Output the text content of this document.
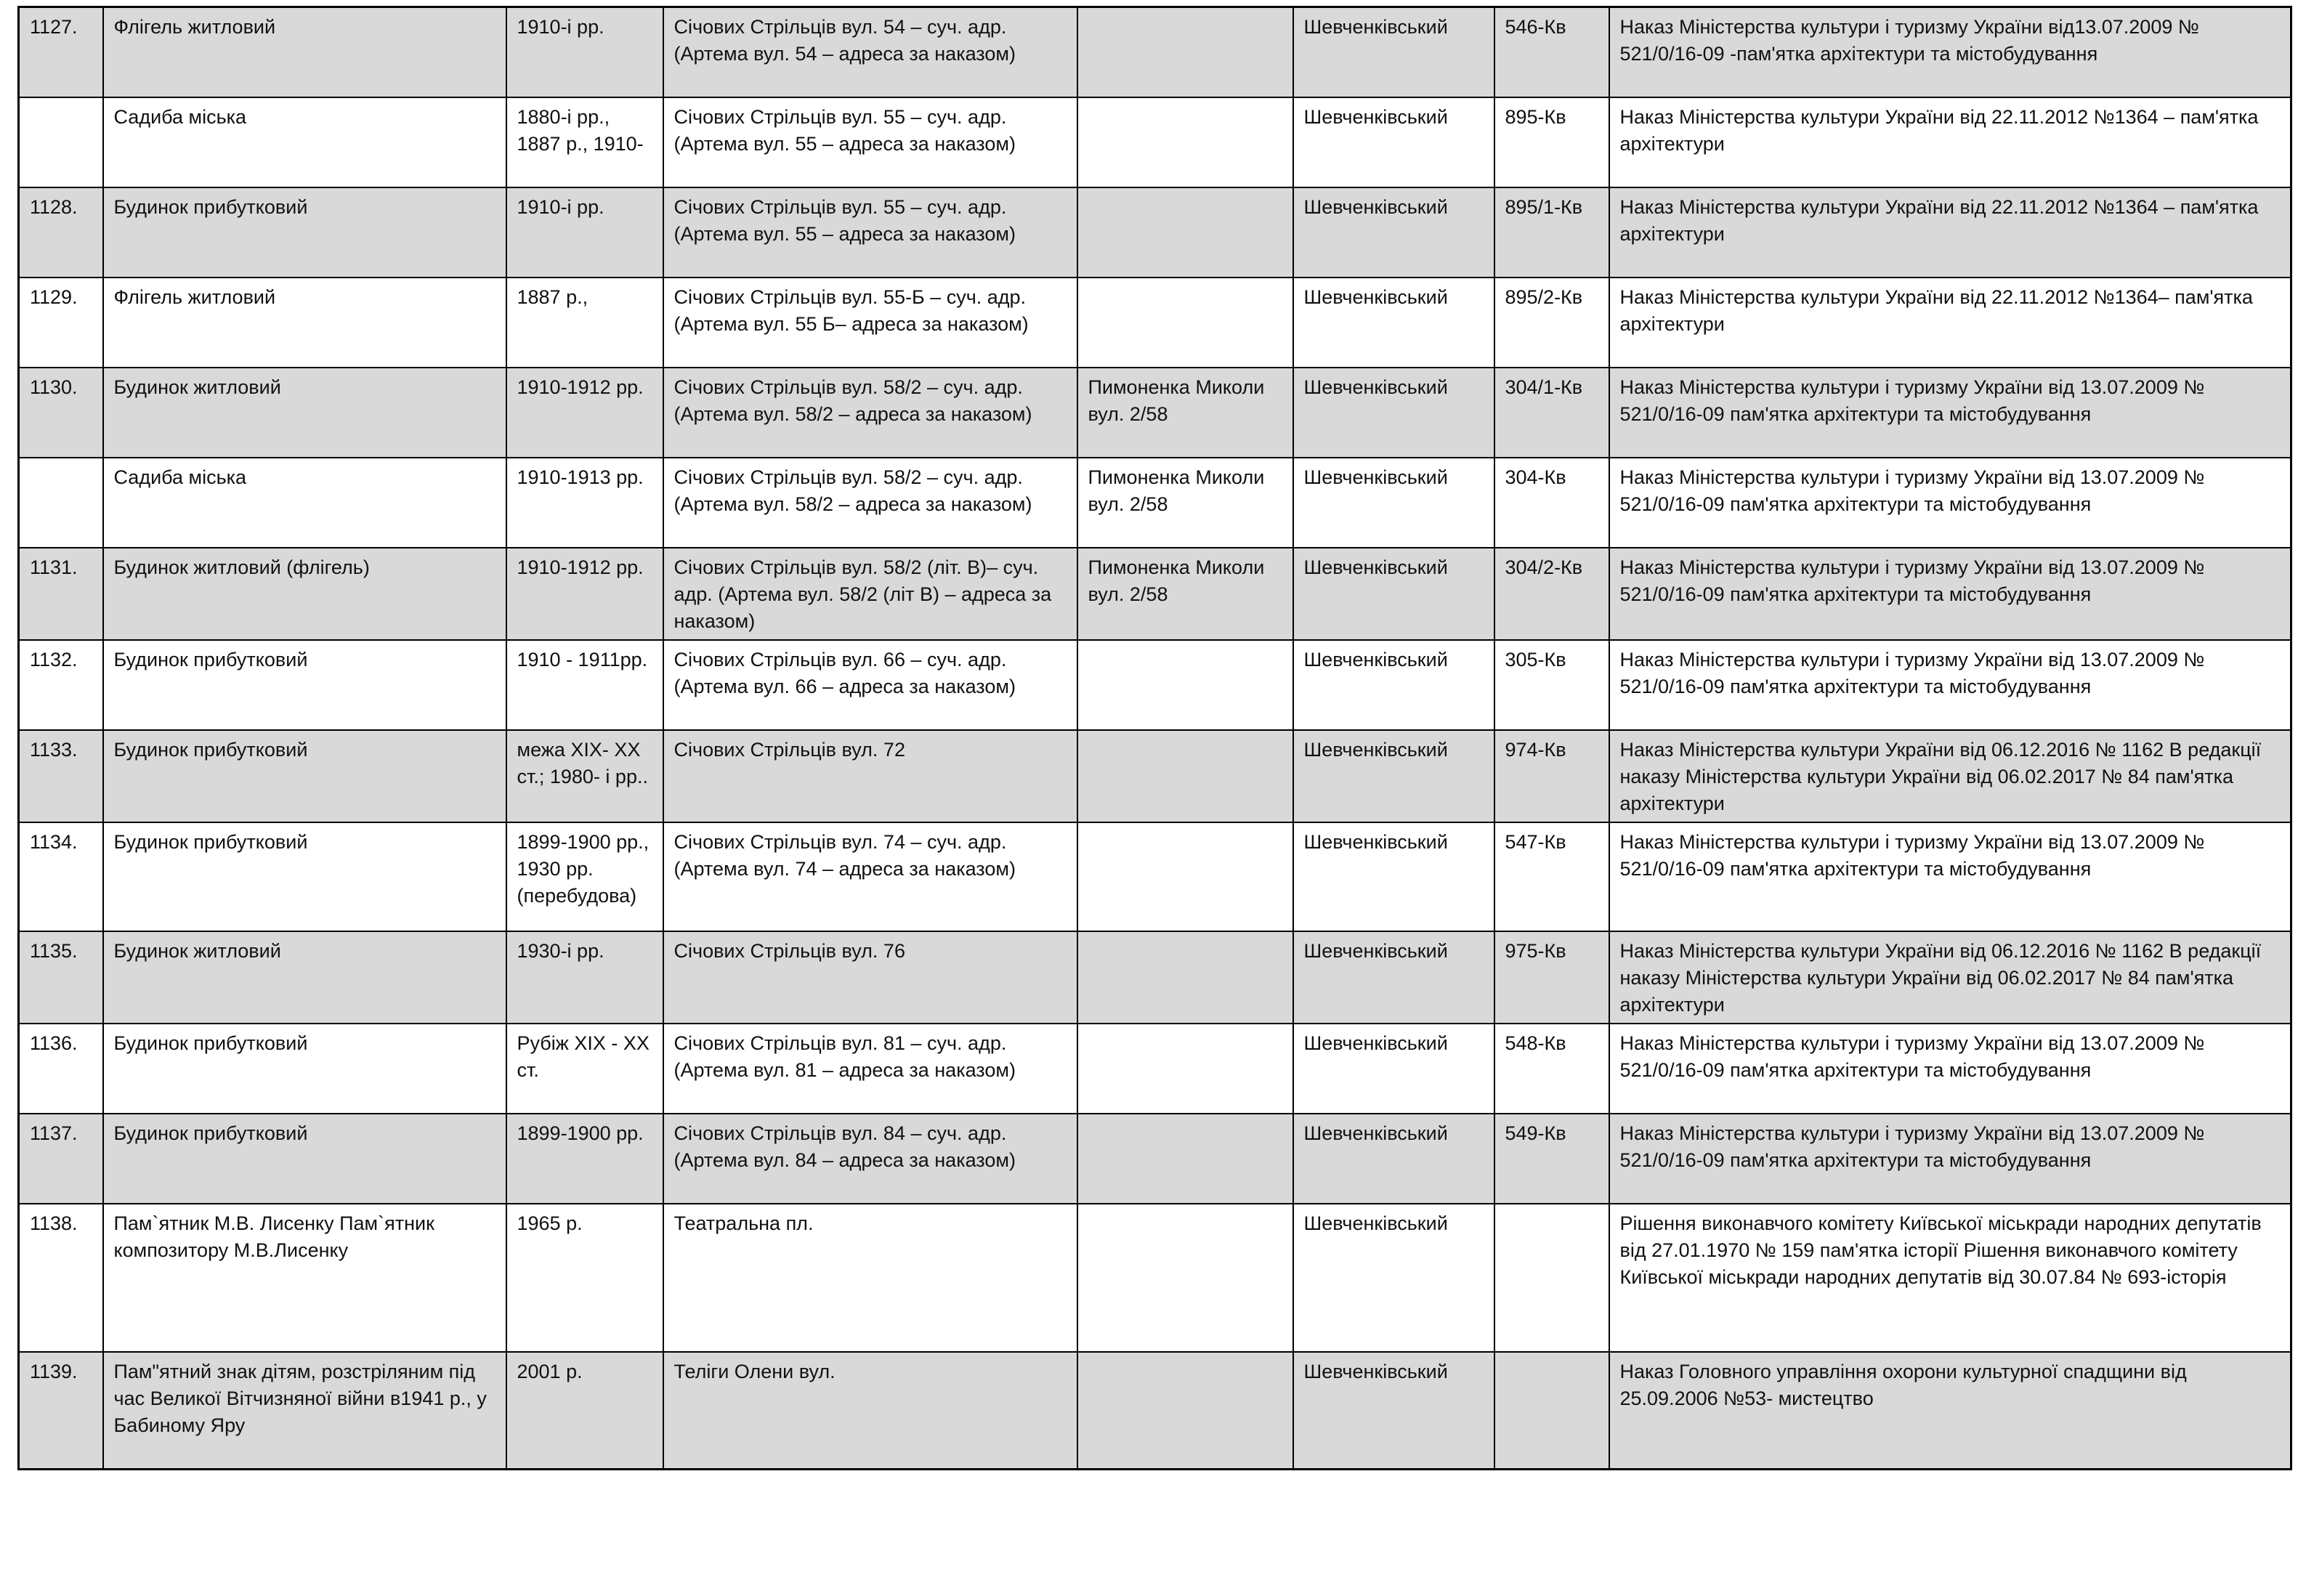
1127.	Флігель житловий	1910-і рр.	Січових Стрільців вул. 54 – суч. адр. (Артема вул. 54 – адреса за наказом)		Шевченківський	546-Кв	Наказ Міністерства культури і туризму України від13.07.2009 № 521/0/16-09 -пам'ятка архітектури та містобудування
	Садиба міська	1880-і рр., 1887 р., 1910-	Січових Стрільців вул. 55 – суч. адр. (Артема вул. 55 – адреса за наказом)		Шевченківський	895-Кв	Наказ Міністерства культури України від 22.11.2012 №1364 – пам'ятка архітектури
1128.	Будинок прибутковий	1910-і рр.	Січових Стрільців вул. 55 – суч. адр. (Артема вул. 55 – адреса за наказом)		Шевченківський	895/1-Кв	Наказ Міністерства культури України від 22.11.2012 №1364 – пам'ятка архітектури
1129.	Флігель житловий	1887 р.,	Січових Стрільців вул. 55-Б – суч. адр. (Артема вул. 55 Б– адреса за наказом)		Шевченківський	895/2-Кв	Наказ Міністерства культури України від 22.11.2012 №1364– пам'ятка архітектури
1130.	Будинок житловий	1910-1912 рр.	Січових Стрільців вул. 58/2 – суч. адр. (Артема вул. 58/2 – адреса за наказом)	Пимоненка Миколи вул. 2/58	Шевченківський	304/1-Кв	Наказ Міністерства культури і туризму України від 13.07.2009 № 521/0/16-09 пам'ятка архітектури та містобудування
	Садиба міська	1910-1913 рр.	Січових Стрільців вул. 58/2 – суч. адр. (Артема вул. 58/2 – адреса за наказом)	Пимоненка Миколи вул. 2/58	Шевченківський	304-Кв	Наказ Міністерства культури і туризму України від 13.07.2009 № 521/0/16-09 пам'ятка архітектури та містобудування
1131.	Будинок житловий (флігель)	1910-1912 рр.	Січових Стрільців вул. 58/2 (літ. В)– суч. адр. (Артема вул. 58/2 (літ В) – адреса за наказом)	Пимоненка Миколи вул. 2/58	Шевченківський	304/2-Кв	Наказ Міністерства культури і туризму України від 13.07.2009 № 521/0/16-09 пам'ятка архітектури та містобудування
1132.	Будинок прибутковий	1910 - 1911рр.	Січових Стрільців вул. 66 – суч. адр. (Артема вул. 66 – адреса за наказом)		Шевченківський	305-Кв	Наказ Міністерства культури і туризму України від 13.07.2009 № 521/0/16-09 пам'ятка архітектури та містобудування
1133.	Будинок прибутковий	межа ХІХ- ХХ ст.; 1980- і рр..	Січових Стрільців вул. 72		Шевченківський	974-Кв	Наказ Міністерства культури України від 06.12.2016 № 1162 В редакції наказу Міністерства культури України від 06.02.2017 № 84 пам'ятка архітектури
1134.	Будинок прибутковий	1899-1900 рр., 1930 рр.(перебудова)	Січових Стрільців вул. 74 – суч. адр. (Артема вул. 74 – адреса за наказом)		Шевченківський	547-Кв	Наказ Міністерства культури і туризму України від 13.07.2009 № 521/0/16-09 пам'ятка архітектури та містобудування
1135.	Будинок житловий	1930-і рр.	Січових Стрільців вул. 76		Шевченківський	975-Кв	Наказ Міністерства культури України від 06.12.2016 № 1162 В редакції наказу Міністерства культури України від 06.02.2017 № 84 пам'ятка архітектури
1136.	Будинок прибутковий	Рубіж ХІХ - ХХ ст.	Січових Стрільців вул. 81 – суч. адр. (Артема вул. 81 – адреса за наказом)		Шевченківський	548-Кв	Наказ Міністерства культури і туризму України від 13.07.2009 № 521/0/16-09 пам'ятка архітектури та містобудування
1137.	Будинок прибутковий	1899-1900 рр.	Січових Стрільців вул. 84 – суч. адр. (Артема вул. 84 – адреса за наказом)		Шевченківський	549-Кв	Наказ Міністерства культури і туризму України від 13.07.2009 № 521/0/16-09 пам'ятка архітектури та містобудування
1138.	Пам`ятник М.В. Лисенку Пам`ятник композитору М.В.Лисенку	1965 р.	Театральна пл.		Шевченківський		Рішення виконавчого комітету Київської міськради народних депутатів від 27.01.1970 № 159 пам'ятка історії Рішення виконавчого комітету Київської міськради народних депутатів від 30.07.84 № 693-історія
1139.	Пам"ятний знак дітям, розстріляним під час Великої Вітчизняної війни в1941 р., у Бабиному Яру	2001 р.	Теліги Олени вул.		Шевченківський		Наказ Головного управління охорони культурної спадщини від 25.09.2006 №53- мистецтво
